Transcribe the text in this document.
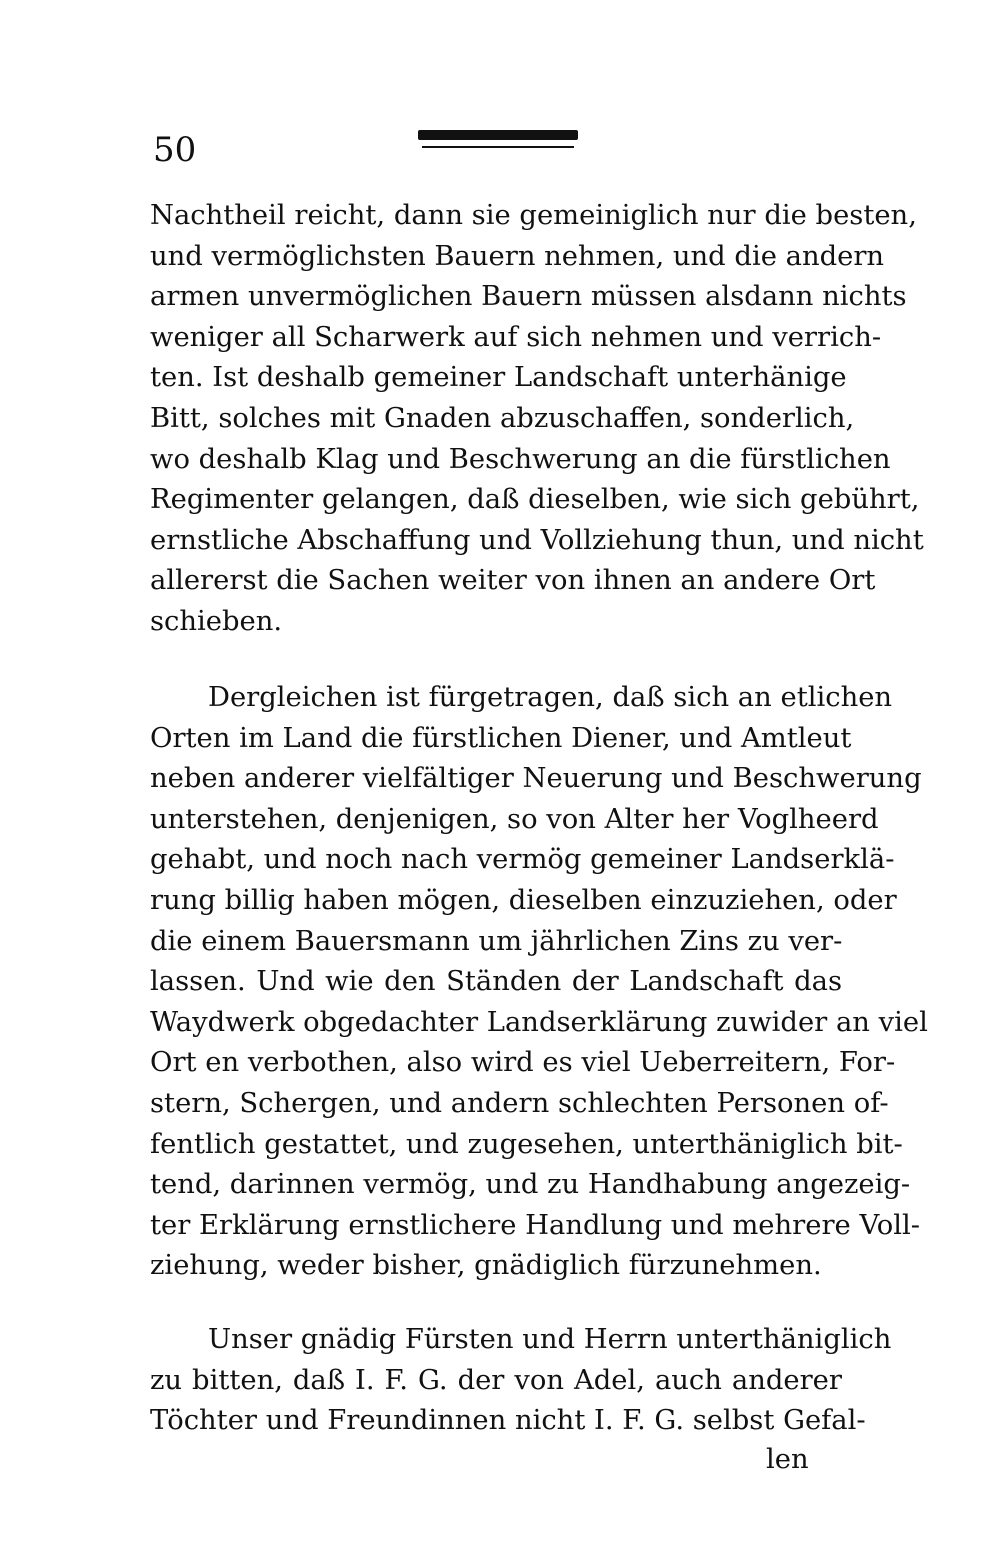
50
Nachtheil reicht, dann sie gemeiniglich nur die besten,
und vermöglichsten Bauern nehmen, und die andern
armen unvermöglichen Bauern müssen alsdann nichts
weniger all Scharwerk auf sich nehmen und verrich-
ten. Ist deshalb gemeiner Landschaft unterhänige
Bitt, solches mit Gnaden abzuschaffen, sonderlich,
wo deshalb Klag und Beschwerung an die fürstlichen
Regimenter gelangen, daß dieselben, wie sich gebührt,
ernstliche Abschaffung und Vollziehung thun, und nicht
allererst die Sachen weiter von ihnen an andere Ort
schieben.
Dergleichen ist fürgetragen, daß sich an etlichen
Orten im Land die fürstlichen Diener, und Amtleut
neben anderer vielfältiger Neuerung und Beschwerung
unterstehen, denjenigen, so von Alter her Voglheerd
gehabt, und noch nach vermög gemeiner Landserklä-
rung billig haben mögen, dieselben einzuziehen, oder
die einem Bauersmann um jährlichen Zins zu ver-
lassen. Und wie den Ständen der Landschaft das
Waydwerk obgedachter Landserklärung zuwider an viel
Ort en verbothen, also wird es viel Ueberreitern, For-
stern, Schergen, und andern schlechten Personen of-
fentlich gestattet, und zugesehen, unterthäniglich bit-
tend, darinnen vermög, und zu Handhabung angezeig-
ter Erklärung ernstlichere Handlung und mehrere Voll-
ziehung, weder bisher, gnädiglich fürzunehmen.
Unser gnädig Fürsten und Herrn unterthäniglich
zu bitten, daß I. F. G. der von Adel, auch anderer
Töchter und Freundinnen nicht I. F. G. selbst Gefal-
len
